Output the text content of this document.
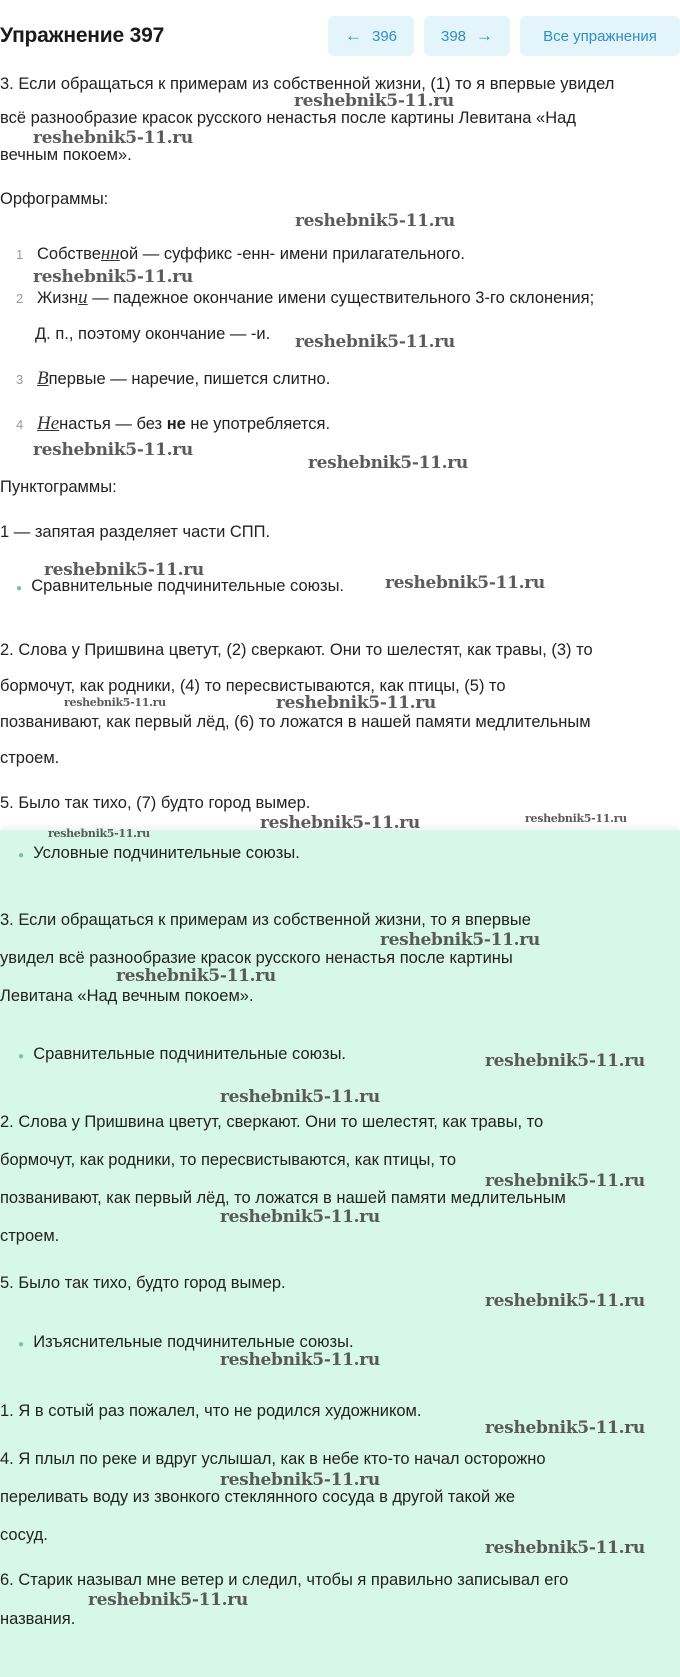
Упражнение 397	← 396	398 →	Все упражнения
3. Если обращаться к примерам из собственной жизни, (1) то я впервые увидел
всё разнообразие красок русского ненастья после картины Левитана «Над
вечным покоем».
Орфограммы:
1 Собственной — суффикс -енн- имени прилагательного.
2 Жизни — падежное окончание имени существительного 3-го склонения;
Д. п., поэтому окончание — -и.
3 Впервые — наречие, пишется слитно.
4 Ненастья — без не не употребляется.
Пунктограммы:
1 — запятая разделяет части СПП.
● Сравнительные подчинительные союзы.
2. Слова у Пришвина цветут, (2) сверкают. Они то шелестят, как травы, (3) то
бормочут, как родники, (4) то пересвистываются, как птицы, (5) то
позванивают, как первый лёд, (6) то ложатся в нашей памяти медлительным
строем.
5. Было так тихо, (7) будто город вымер.
● Условные подчинительные союзы.
3. Если обращаться к примерам из собственной жизни, то я впервые
увидел всё разнообразие красок русского ненастья после картины
Левитана «Над вечным покоем».
● Сравнительные подчинительные союзы.
2. Слова у Пришвина цветут, сверкают. Они то шелестят, как травы, то
бормочут, как родники, то пересвистываются, как птицы, то
позванивают, как первый лёд, то ложатся в нашей памяти медлительным
строем.
5. Было так тихо, будто город вымер.
● Изъяснительные подчинительные союзы.
1. Я в сотый раз пожалел, что не родился художником.
4. Я плыл по реке и вдруг услышал, как в небе кто-то начал осторожно
переливать воду из звонкого стеклянного сосуда в другой такой же
сосуд.
6. Старик называл мне ветер и следил, чтобы я правильно записывал его
названия.
reshebnik5-11.ru
reshebnik5-11.ru
reshebnik5-11.ru
reshebnik5-11.ru
reshebnik5-11.ru
reshebnik5-11.ru
reshebnik5-11.ru
reshebnik5-11.ru
reshebnik5-11.ru
reshebnik5-11.ru	reshebnik5-11.ru
reshebnik5-11.ru	reshebnik5-11.ru
reshebnik5-11.ru
reshebnik5-11.ru
reshebnik5-11.ru
reshebnik5-11.ru
reshebnik5-11.ru
reshebnik5-11.ru
reshebnik5-11.ru
reshebnik5-11.ru
reshebnik5-11.ru
reshebnik5-11.ru
reshebnik5-11.ru
reshebnik5-11.ru
reshebnik5-11.ru
